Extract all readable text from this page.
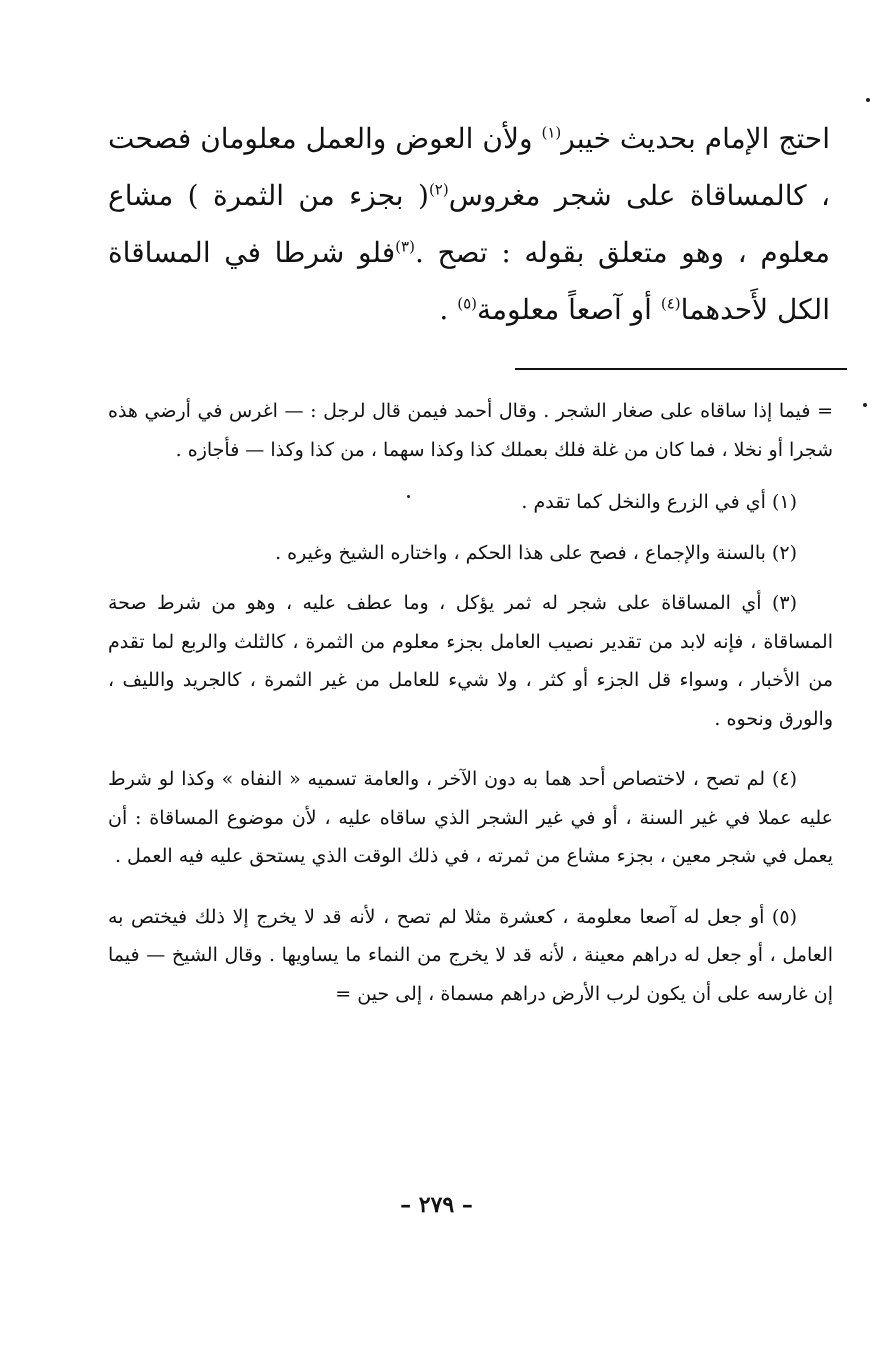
احتج الإمام بحديث خيبر$^{(١)}$ ولأن العوض والعمل معلومان فصحت ، كالمساقاة على شجر مغروس$^{(٢)}$( بجزء من الثمرة ) مشاع معلوم ، وهو متعلق بقوله : تصح .$^{(٣)}$فلو شرطا في المساقاة الكل لأَحدهما$^{(٤)}$ أو آصعاً معلومة$^{(٥)}$ .

= فيما إذا ساقاه على صغار الشجر . وقال أحمد فيمن قال لرجل : — اغرس في أرضي هذه شجرا أو نخلا ، فما كان من غلة فلك بعملك كذا وكذا سهما ، من كذا وكذا — فأجازه .

(١) أي في الزرع والنخل كما تقدم .

(٢) بالسنة والإجماع ، فصح على هذا الحكم ، واختاره الشيخ وغيره .

(٣) أي المساقاة على شجر له ثمر يؤكل ، وما عطف عليه ، وهو من شرط صحة المساقاة ، فإنه لابد من تقدير نصيب العامل بجزء معلوم من الثمرة ، كالثلث والربع لما تقدم من الأخبار ، وسواء قل الجزء أو كثر ، ولا شيء للعامل من غير الثمرة ، كالجريد والليف ، والورق ونحوه .

(٤) لم تصح ، لاختصاص أحد هما به دون الآخر ، والعامة تسميه « النفاه » وكذا لو شرط عليه عملا في غير السنة ، أو في غير الشجر الذي ساقاه عليه ، لأن موضوع المساقاة : أن يعمل في شجر معين ، بجزء مشاع من ثمرته ، في ذلك الوقت الذي يستحق عليه فيه العمل .

(٥) أو جعل له آصعا معلومة ، كعشرة مثلا لم تصح ، لأنه قد لا يخرج إلا ذلك فيختص به العامل ، أو جعل له دراهم معينة ، لأنه قد لا يخرج من النماء ما يساويها . وقال الشيخ — فيما إن غارسه على أن يكون لرب الأرض دراهم مسماة ، إلى حين =

– ٢٧٩ –
